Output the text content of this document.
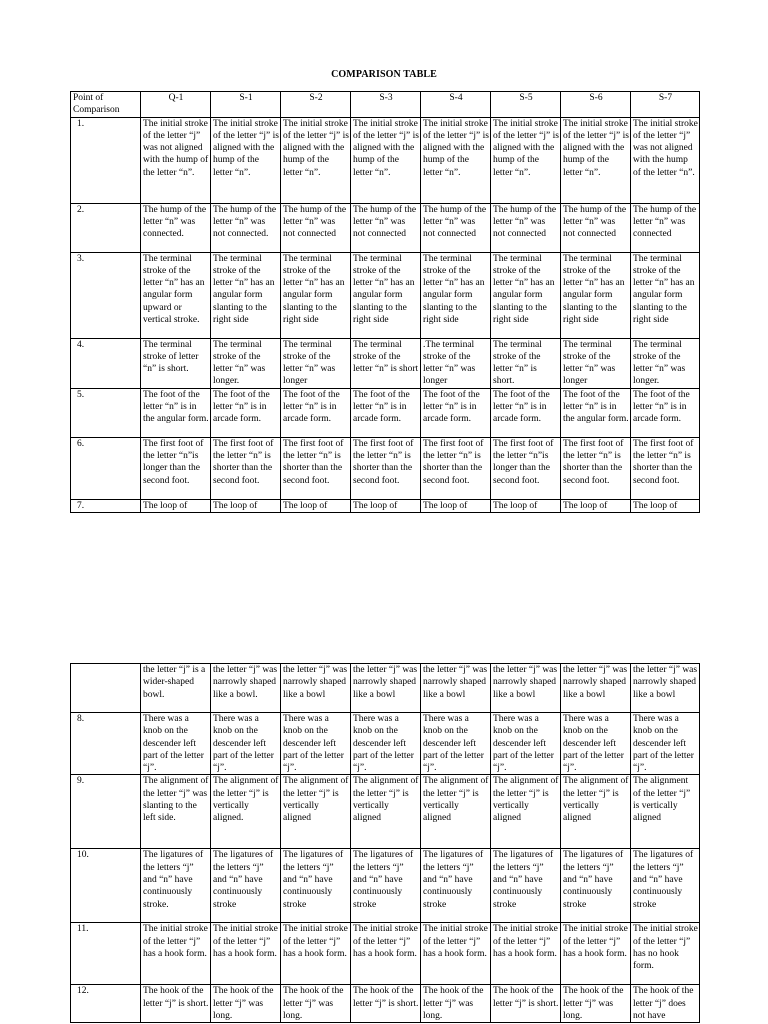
COMPARISON TABLE
Point of Comparison	Q-1	S-1	S-2	S-3	S-4	S-5	S-6	S-7
1.	The initial stroke of the letter “j” was not aligned with the hump of the letter “n”.	The initial stroke of the letter “j” is aligned with the hump of the letter “n”.	The initial stroke of the letter “j” is aligned with the hump of the letter “n”.	The initial stroke of the letter “j” is aligned with the hump of the letter “n”.	The initial stroke of the letter “j” is aligned with the hump of the letter “n”.	The initial stroke of the letter “j” is aligned with the hump of the letter “n”.	The initial stroke of the letter “j” is aligned with the hump of the letter “n”.	The initial stroke of the letter “j” was not aligned with the hump of the letter “n”.
2.	The hump of the letter “n” was connected.	The hump of the letter “n” was not connected.	The hump of the letter “n” was not connected	The hump of the letter “n” was not connected	The hump of the letter “n” was not connected	The hump of the letter “n” was not connected	The hump of the letter “n” was not connected	The hump of the letter “n” was connected
3.	The terminal stroke of the letter “n” has an angular form upward or vertical stroke.	The terminal stroke of the letter “n” has an angular form slanting to the right side	The terminal stroke of the letter “n” has an angular form slanting to the right side	The terminal stroke of the letter “n” has an angular form slanting to the right side	The terminal stroke of the letter “n” has an angular form slanting to the right side	The terminal stroke of the letter “n” has an angular form slanting to the right side	The terminal stroke of the letter “n” has an angular form slanting to the right side	The terminal stroke of the letter “n” has an angular form slanting to the right side
4.	The terminal stroke of letter “n” is short.	The terminal stroke of the letter “n” was longer.	The terminal stroke of the letter “n” was longer	The terminal stroke of the letter “n” is short	.The terminal stroke of the letter “n” was longer	The terminal stroke of the letter “n” is short.	The terminal stroke of the letter “n” was longer	The terminal stroke of the letter “n” was longer.
5.	The foot of the letter “n” is in the angular form.	The foot of the letter “n” is in arcade form.	The foot of the letter “n” is in arcade form.	The foot of the letter “n” is in arcade form.	The foot of the letter “n” is in arcade form.	The foot of the letter “n” is in arcade form.	The foot of the letter “n” is in the angular form.	The foot of the letter “n” is in arcade form.
6.	The first foot of the letter “n”is longer than the second foot.	The first foot of the letter “n” is shorter than the second foot.	The first foot of the letter “n” is shorter than the second foot.	The first foot of the letter “n” is shorter than the second foot.	The first foot of the letter “n” is shorter than the second foot.	The first foot of the letter “n”is longer than the second foot.	The first foot of the letter “n” is shorter than the second foot.	The first foot of the letter “n” is shorter than the second foot.
7.	The loop of	The loop of	The loop of	The loop of	The loop of	The loop of	The loop of	The loop of
	the letter “j” is a wider-shaped bowl.	the letter “j” was narrowly shaped like a bowl.	the letter “j” was narrowly shaped like a bowl	the letter “j” was narrowly shaped like a bowl	the letter “j” was narrowly shaped like a bowl	the letter “j” was narrowly shaped like a bowl	the letter “j” was narrowly shaped like a bowl	the letter “j” was narrowly shaped like a bowl
8.	There was a knob on the descender left part of the letter “j”.	There was a knob on the descender left part of the letter “j”.	There was a knob on the descender left part of the letter “j”.	There was a knob on the descender left part of the letter “j”.	There was a knob on the descender left part of the letter “j”.	There was a knob on the descender left part of the letter “j”.	There was a knob on the descender left part of the letter “j”.	There was a knob on the descender left part of the letter “j”.
9.	The alignment of the letter “j” was slanting to the left side.	The alignment of the letter “j” is vertically aligned.	The alignment of the letter “j” is vertically aligned	The alignment of the letter “j” is vertically aligned	The alignment of the letter “j” is vertically aligned	The alignment of the letter “j” is vertically aligned	The alignment of the letter “j” is vertically aligned	The alignment of the letter “j” is vertically aligned
10.	The ligatures of the letters “j” and “n” have continuously stroke.	The ligatures of the letters “j” and “n” have continuously stroke	The ligatures of the letters “j” and “n” have continuously stroke	The ligatures of the letters “j” and “n” have continuously stroke	The ligatures of the letters “j” and “n” have continuously stroke	The ligatures of the letters “j” and “n” have continuously stroke	The ligatures of the letters “j” and “n” have continuously stroke	The ligatures of the letters “j” and “n” have continuously stroke
11.	The initial stroke of the letter “j” has a hook form.	The initial stroke of the letter “j” has a hook form.	The initial stroke of the letter “j” has a hook form.	The initial stroke of the letter “j” has a hook form.	The initial stroke of the letter “j” has a hook form.	The initial stroke of the letter “j” has a hook form.	The initial stroke of the letter “j” has a hook form.	The initial stroke of the letter “j” has no hook form.
12.	The hook of the letter “j” is short.	The hook of the letter “j” was long.	The hook of the letter “j” was long.	The hook of the letter “j” is short.	The hook of the letter “j” was long.	The hook of the letter “j” is short.	The hook of the letter “j” was long.	The hook of the letter “j” does not have
